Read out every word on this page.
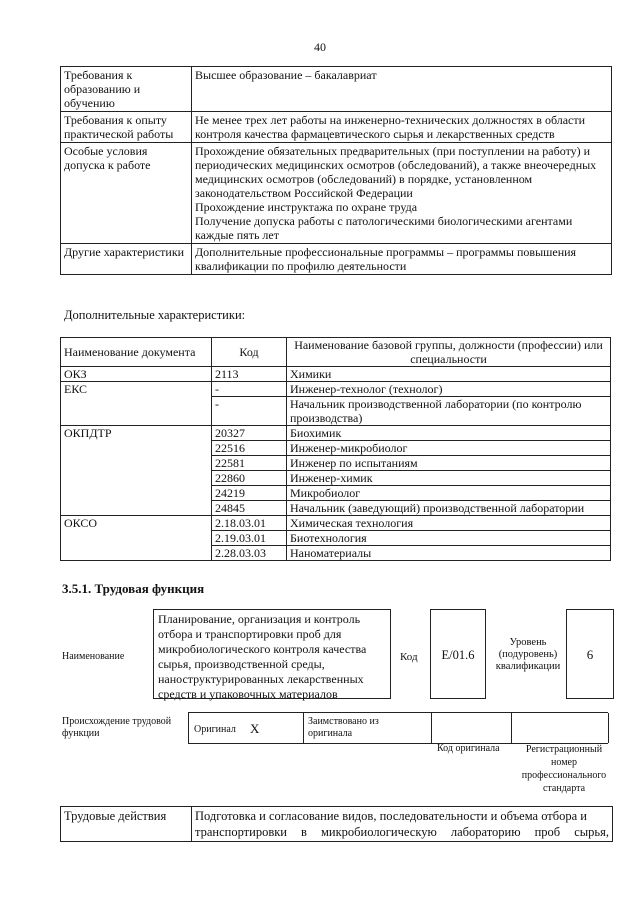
40
Требования к образованию и обучению	Высшее образование – бакалавриат
Требования к опыту практической работы	Не менее трех лет работы на инженерно-технических должностях в области контроля качества фармацевтического сырья и лекарственных средств
Особые условия допуска к работе	Прохождение обязательных предварительных (при поступлении на работу) и периодических медицинских осмотров (обследований), а также внеочередных медицинских осмотров (обследований) в порядке, установленном законодательством Российской Федерации
Прохождение инструктажа по охране труда
Получение допуска работы с патологическими биологическими агентами каждые пять лет

Другие характеристики	Дополнительные профессиональные программы – программы повышения квалификации по профилю деятельности
Дополнительные характеристики:
Наименование документа	Код	Наименование базовой группы, должности (профессии) или специальности
ОКЗ	2113	Химики
ЕКС	-	Инженер-технолог (технолог)
	-	Начальник производственной лаборатории (по контролю производства)
ОКПДТР	20327	Биохимик
	22516	Инженер-микробиолог
	22581	Инженер по испытаниям
	22860	Инженер-химик
	24219	Микробиолог
	24845	Начальник (заведующий) производственной лаборатории
ОКСО	2.18.03.01	Химическая технология
	2.19.03.01	Биотехнология
	2.28.03.03	Наноматериалы
3.5.1. Трудовая функция
Наименование
Планирование, организация и контроль отбора и транспортировки проб для микробиологического контроля качества сырья, производственной среды, наноструктурированных лекарственных средств и упаковочных материалов
Код	E/01.6
Уровень (подуровень) квалификации
6
Происхождение трудовой функции	Оригинал X	Заимствовано из оригинала
Код оригинала	Регистрационный номер профессионального стандарта
Трудовые действия	Подготовка и согласование видов, последовательности и объема отбора и
транспортировки в микробиологическую лабораторию проб сырья,
